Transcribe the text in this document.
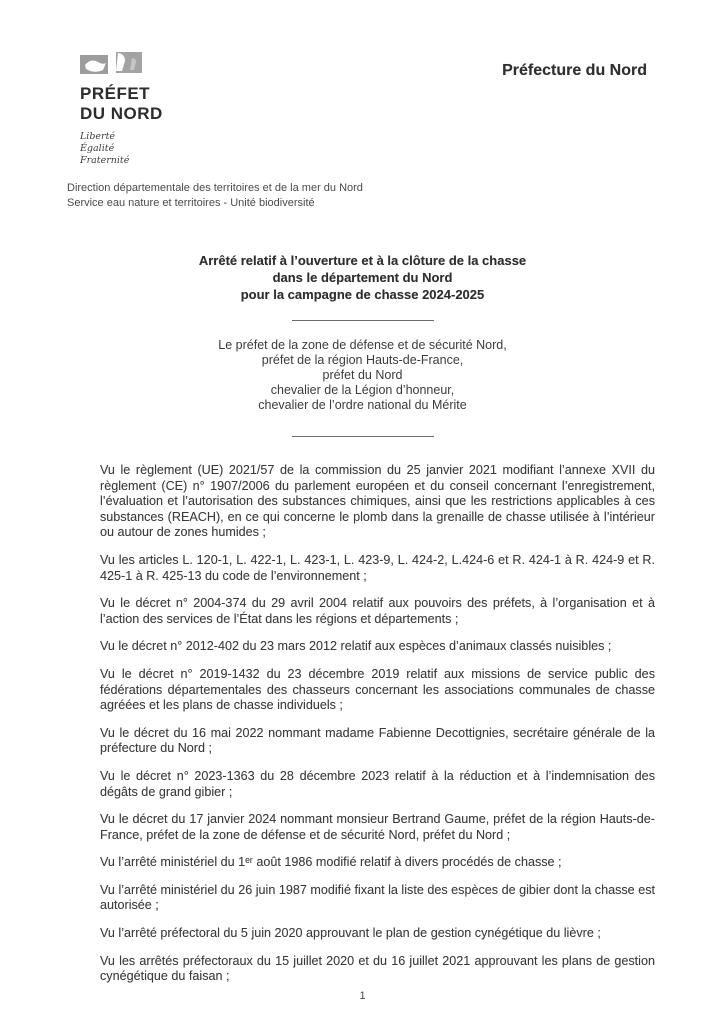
PRÉFET
DU NORD
Liberté
Égalité
Fraternité
Préfecture du Nord
Direction départementale des territoires et de la mer du Nord
Service eau nature et territoires - Unité biodiversité
Arrêté relatif à l’ouverture et à la clôture de la chasse
dans le département du Nord
pour la campagne de chasse 2024-2025
Le préfet de la zone de défense et de sécurité Nord,
préfet de la région Hauts-de-France,
préfet du Nord
chevalier de la Légion d’honneur,
chevalier de l’ordre national du Mérite

Vu le règlement (UE) 2021/57 de la commission du 25 janvier 2021 modifiant l’annexe XVII du règlement (CE) n° 1907/2006 du parlement européen et du conseil concernant l’enregistrement, l’évaluation et l’autorisation des substances chimiques, ainsi que les restrictions applicables à ces substances (REACH), en ce qui concerne le plomb dans la grenaille de chasse utilisée à l’intérieur ou autour de zones humides ;

Vu les articles L. 120-1, L. 422-1, L. 423-1, L. 423-9, L. 424-2, L.424-6 et R. 424-1 à R. 424-9 et R. 425-1 à R. 425-13 du code de l’environnement ;

Vu le décret n° 2004-374 du 29 avril 2004 relatif aux pouvoirs des préfets, à l’organisation et à l’action des services de l’État dans les régions et départements ;

Vu le décret n° 2012-402 du 23 mars 2012 relatif aux espèces d’animaux classés nuisibles ;

Vu le décret n° 2019-1432 du 23 décembre 2019 relatif aux missions de service public des fédérations départementales des chasseurs concernant les associations communales de chasse agréées et les plans de chasse individuels ;

Vu le décret du 16 mai 2022 nommant madame Fabienne Decottignies, secrétaire générale de la préfecture du Nord ;

Vu le décret n° 2023-1363 du 28 décembre 2023 relatif à la réduction et à l’indemnisation des dégâts de grand gibier ;

Vu le décret du 17 janvier 2024 nommant monsieur Bertrand Gaume, préfet de la région Hauts-de-France, préfet de la zone de défense et de sécurité Nord, préfet du Nord ;

Vu l’arrêté ministériel du 1ᵉʳ août 1986 modifié relatif à divers procédés de chasse ;

Vu l’arrêté ministériel du 26 juin 1987 modifié fixant la liste des espèces de gibier dont la chasse est autorisée ;

Vu l’arrêté préfectoral du 5 juin 2020 approuvant le plan de gestion cynégétique du lièvre ;

Vu les arrêtés préfectoraux du 15 juillet 2020 et du 16 juillet 2021 approuvant les plans de gestion cynégétique du faisan ;

1
